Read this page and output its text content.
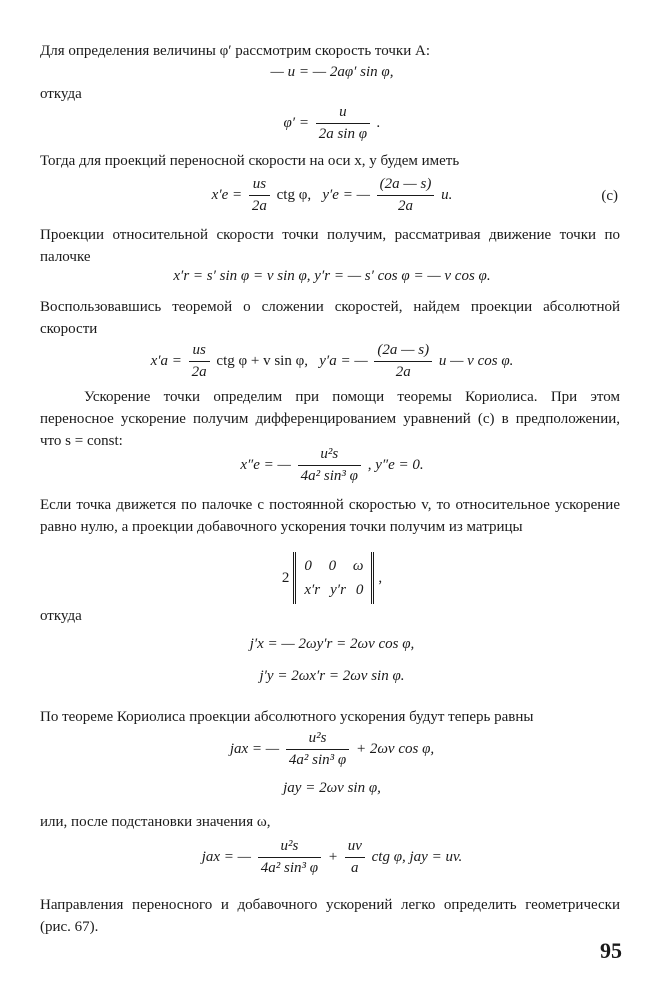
Для определения величины φ′ рассмотрим скорость точки A:
— u = — 2aφ′ sin φ,
откуда
$\varphi' = \frac{u}{\text{2a sin φ}}$ .
Тогда для проекций переносной скорости на оси x, y будем иметь
$x'e = \frac{us}{2a}$ ctg φ, y′e = — $\frac{(2a — s)}{2a} u$.	(c)
Проекции относительной скорости точки получим, рассматривая движение точки по палочке
x′r = s′ sin φ = v sin φ, y′r = — s′ cos φ = — v cos φ.
Воспользовавшись теоремой о сложении скоростей, найдем проекции абсолютной скорости
$x'a = \frac{us}{2a}$ ctg φ + v sin φ, y′a = — $\frac{(2a — s)}{2a}$ u — v cos φ.
Ускорение точки определим при помощи теоремы Кориолиса. При этом переносное ускорение получим дифференцированием уравнений (c) в предположении, что s = const:
x″e = — $\frac{\text{u²s}}{\text{4a² sin³ φ}}$ , y″e = 0.
Если точка движется по палочке с постоянной скоростью v, то относительное ускорение равно нулю, а проекции добавочного ускорения точки получим из матрицы
2
0 0 ω
x′r y′r 0
,
откуда
j′x = — 2ωy′r = 2ωv cos φ,
j′y = 2ωx′r = 2ωv sin φ.
По теореме Кориолиса проекции абсолютного ускорения будут теперь равны
jax = — $\frac{\text{u²s}}{\text{4a² sin³ φ}} + 2\omega v$ cos φ,
jay = 2ωv sin φ,
или, после подстановки значения ω,
jax = — $\frac{\text{u²s}}{\text{4a² sin³ φ}} + \frac{uv}{a}$ ctg φ, jay = uv.
Направления переносного и добавочного ускорений легко определить геометрически (рис. 67).
95
